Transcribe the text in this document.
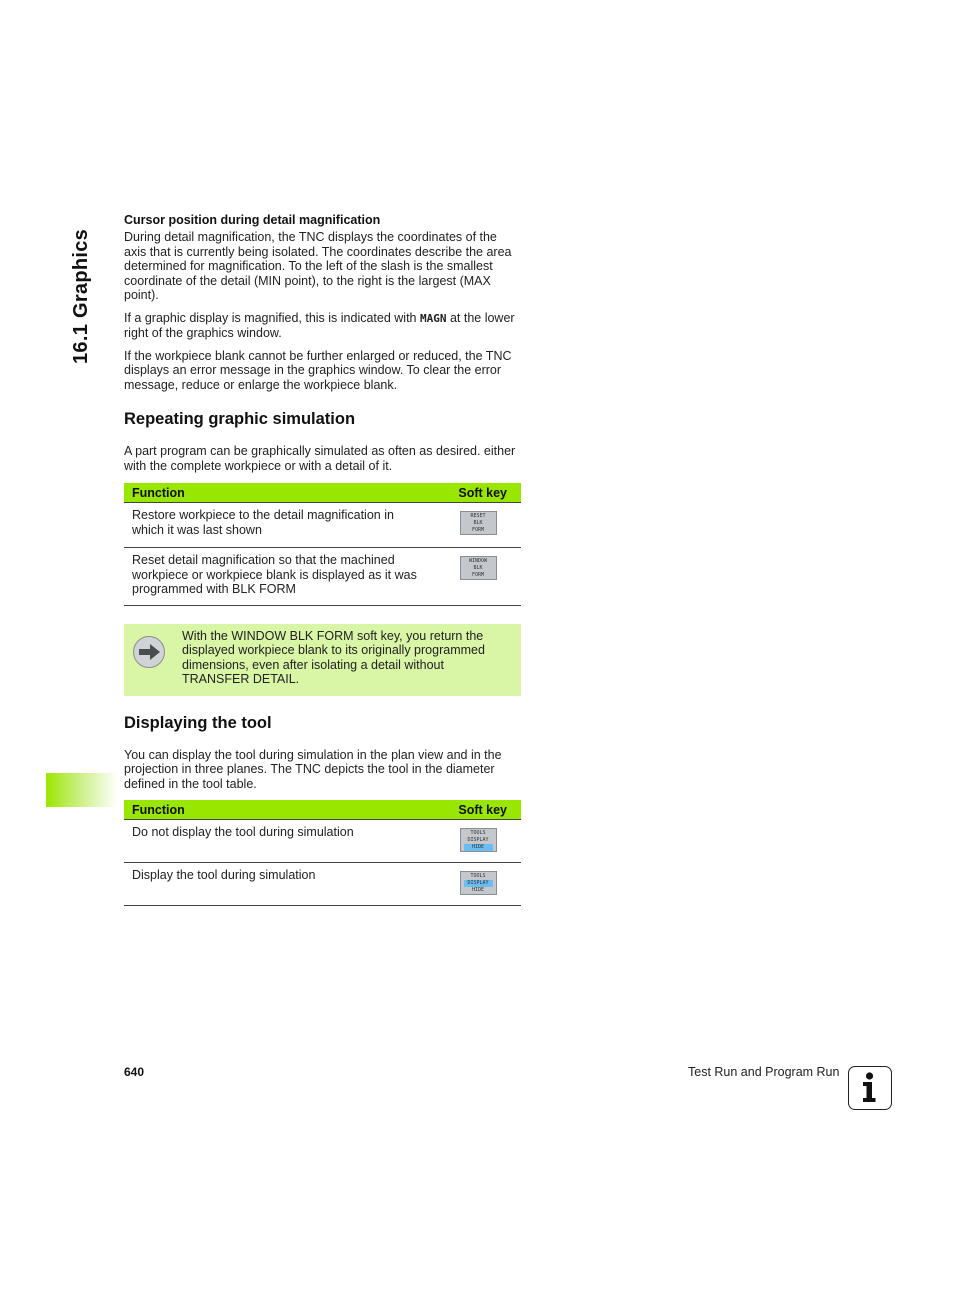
16.1 Graphics
Cursor position during detail magnification

During detail magnification, the TNC displays the coordinates of the axis that is currently being isolated. The coordinates describe the area determined for magnification. To the left of the slash is the smallest coordinate of the detail (MIN point), to the right is the largest (MAX point).

If a graphic display is magnified, this is indicated with MAGN at the lower right of the graphics window.

If the workpiece blank cannot be further enlarged or reduced, the TNC displays an error message in the graphics window. To clear the error message, reduce or enlarge the workpiece blank.

Repeating graphic simulation

A part program can be graphically simulated as often as desired. either with the complete workpiece or with a detail of it.

Function	Soft key
Restore workpiece to the detail magnification in which it was last shown	RESET
BLK
FORM

Reset detail magnification so that the machined workpiece or workpiece blank is displayed as it was programmed with BLK FORM	WINDOW
BLK
FORM
With the WINDOW BLK FORM soft key, you return the displayed workpiece blank to its originally programmed dimensions, even after isolating a detail without TRANSFER DETAIL.
Displaying the tool

You can display the tool during simulation in the plan view and in the projection in three planes. The TNC depicts the tool in the diameter defined in the tool table.

Function	Soft key
Do not display the tool during simulation	TOOLS
DISPLAY
HIDE

Display the tool during simulation	TOOLS
DISPLAY
HIDE
640	Test Run and Program Run
